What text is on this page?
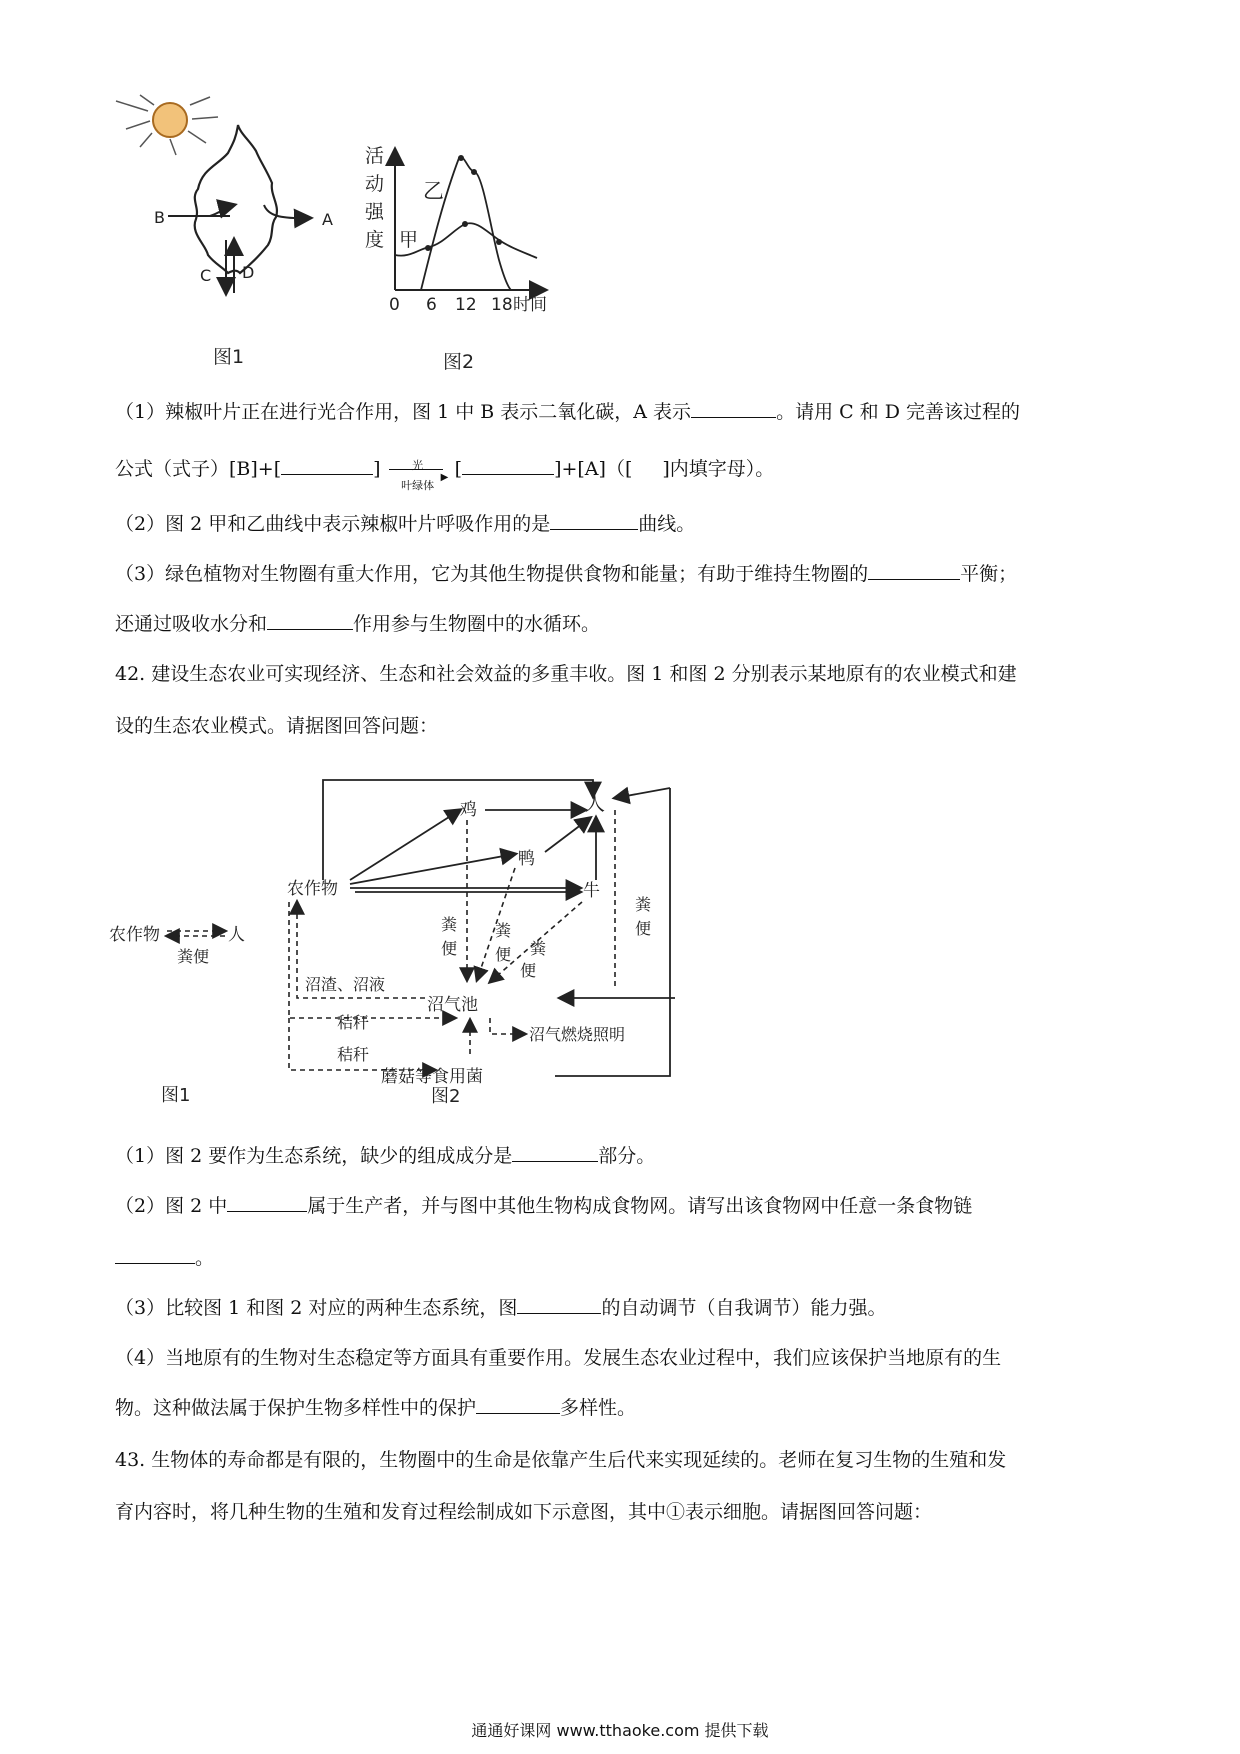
B	A
C D
图1
活
动
强
度
乙
甲
0 6 12 18 时间
图2
（1）辣椒叶片正在进行光合作用，图 1 中 B 表示二氧化碳，A 表示	。请用 C 和 D 完善该过程的
公式（式子）[B]+[	]	光
▶
叶绿体
[	]+[A]（[ ]内填字母）。
（2）图 2 甲和乙曲线中表示辣椒叶片呼吸作用的是	曲线。
（3）绿色植物对生物圈有重大作用，它为其他生物提供食物和能量；有助于维持生物圈的	平衡；
还通过吸收水分和	作用参与生物圈中的水循环。
42. 建设生态农业可实现经济、生态和社会效益的多重丰收。图 1 和图 2 分别表示某地原有的农业模式和建
设的生态农业模式。请据图回答问题：
鸡	人
鸭
牛
农作物
粪
便
粪
便 粪
便
粪
便
沼渣、沼液
沼气池
秸秆
秸秆
沼气燃烧照明
蘑菇等食用菌
农作物	人
粪便
图1	图2
（1）图 2 要作为生态系统，缺少的组成成分是	部分。
（2）图 2 中	属于生产者，并与图中其他生物构成食物网。请写出该食物网中任意一条食物链
。
（3）比较图 1 和图 2 对应的两种生态系统，图	的自动调节（自我调节）能力强。
（4）当地原有的生物对生态稳定等方面具有重要作用。发展生态农业过程中，我们应该保护当地原有的生
物。这种做法属于保护生物多样性中的保护	多样性。
43. 生物体的寿命都是有限的，生物圈中的生命是依靠产生后代来实现延续的。老师在复习生物的生殖和发
育内容时，将几种生物的生殖和发育过程绘制成如下示意图，其中①表示细胞。请据图回答问题：
通通好课网 www.tthaoke.com 提供下载
